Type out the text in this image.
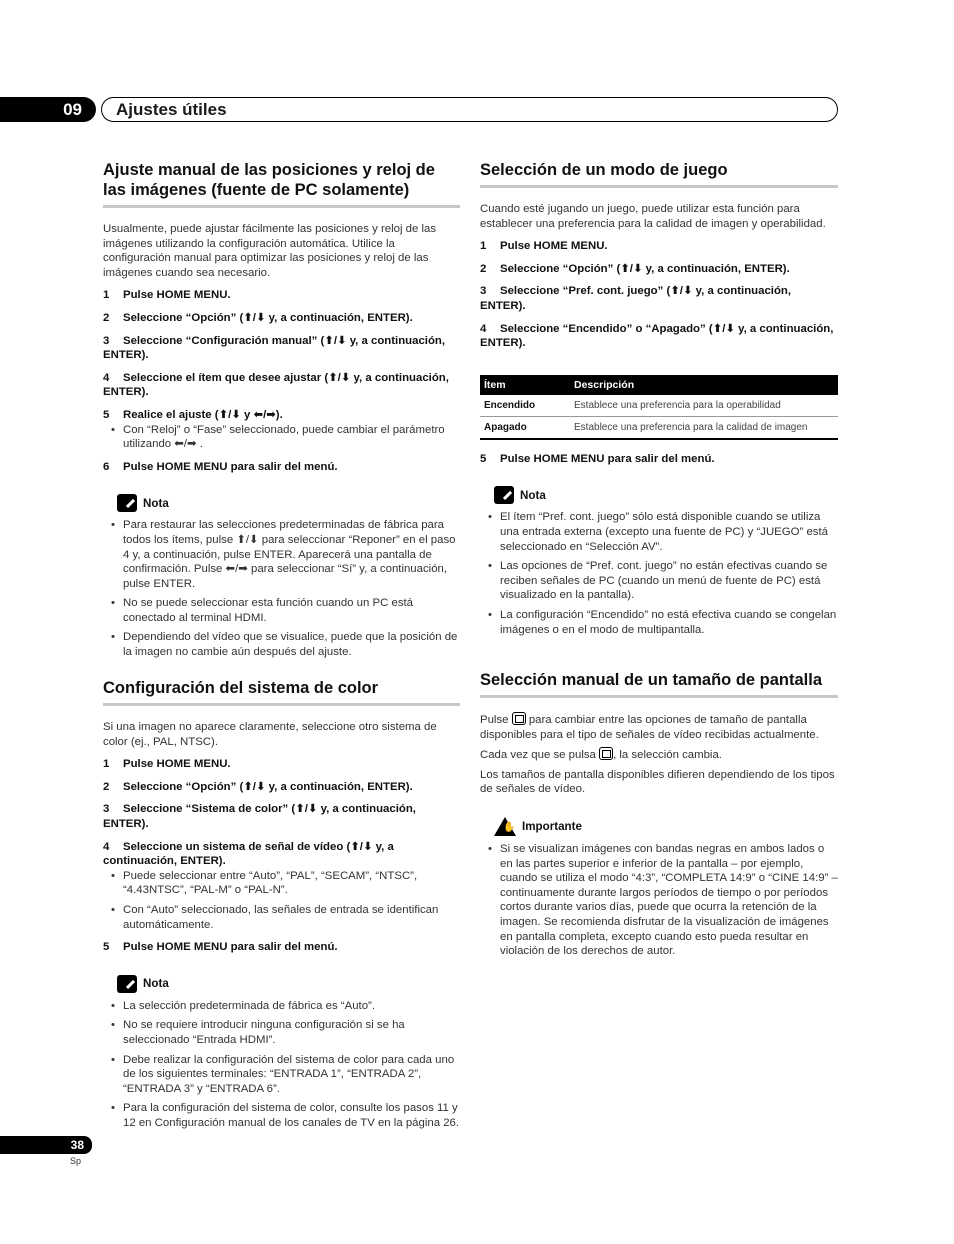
09 Ajustes útiles
Ajuste manual de las posiciones y reloj de las imágenes (fuente de PC solamente)

Usualmente, puede ajustar fácilmente las posiciones y reloj de las imágenes utilizando la configuración automática. Utilice la configuración manual para optimizar las posiciones y reloj de las imágenes cuando sea necesario.

1 Pulse HOME MENU.

2 Seleccione “Opción” (⬆/⬇ y, a continuación, ENTER).

3 Seleccione “Configuración manual” (⬆/⬇ y, a continuación, ENTER).

4 Seleccione el ítem que desee ajustar (⬆/⬇ y, a continuación, ENTER).

5 Realice el ajuste (⬆/⬇ y ⬅/➡).

• Con “Reloj” o “Fase” seleccionado, puede cambiar el parámetro utilizando ⬅/➡ .

6 Pulse HOME MENU para salir del menú.

Nota
• Para restaurar las selecciones predeterminadas de fábrica para todos los ítems, pulse ⬆/⬇ para seleccionar “Reponer” en el paso 4 y, a continuación, pulse ENTER. Aparecerá una pantalla de confirmación. Pulse ⬅/➡ para seleccionar “Sí” y, a continuación, pulse ENTER.
• No se puede seleccionar esta función cuando un PC está conectado al terminal HDMI.
• Dependiendo del vídeo que se visualice, puede que la posición de la imagen no cambie aún después del ajuste.
Configuración del sistema de color

Si una imagen no aparece claramente, seleccione otro sistema de color (ej., PAL, NTSC).

1 Pulse HOME MENU.

2 Seleccione “Opción” (⬆/⬇ y, a continuación, ENTER).

3 Seleccione “Sistema de color” (⬆/⬇ y, a continuación, ENTER).

4 Seleccione un sistema de señal de vídeo (⬆/⬇ y, a continuación, ENTER).

• Puede seleccionar entre “Auto”, “PAL”, “SECAM”, “NTSC”, “4.43NTSC”, “PAL-M” o “PAL-N”.
• Con “Auto” seleccionado, las señales de entrada se identifican automáticamente.

5 Pulse HOME MENU para salir del menú.

Nota
• La selección predeterminada de fábrica es “Auto”.
• No se requiere introducir ninguna configuración si se ha seleccionado “Entrada HDMI”.
• Debe realizar la configuración del sistema de color para cada uno de los siguientes terminales: “ENTRADA 1”, “ENTRADA 2”, “ENTRADA 3” y “ENTRADA 6”.
• Para la configuración del sistema de color, consulte los pasos 11 y 12 en Configuración manual de los canales de TV en la página 26.
Selección de un modo de juego

Cuando esté jugando un juego, puede utilizar esta función para establecer una preferencia para la calidad de imagen y operabilidad.

1 Pulse HOME MENU.

2 Seleccione “Opción” (⬆/⬇ y, a continuación, ENTER).

3 Seleccione “Pref. cont. juego” (⬆/⬇ y, a continuación, ENTER).

4 Seleccione “Encendido” o “Apagado” (⬆/⬇ y, a continuación, ENTER).

Ítem	Descripción
Encendido	Establece una preferencia para la operabilidad
Apagado	Establece una preferencia para la calidad de imagen

5 Pulse HOME MENU para salir del menú.

Nota
• El ítem “Pref. cont. juego” sólo está disponible cuando se utiliza una entrada externa (excepto una fuente de PC) y “JUEGO” está seleccionado en “Selección AV”.
• Las opciones de “Pref. cont. juego” no están efectivas cuando se reciben señales de PC (cuando un menú de fuente de PC) está visualizado en la pantalla).
• La configuración “Encendido” no está efectiva cuando se congelan imágenes o en el modo de multipantalla.
Selección manual de un tamaño de pantalla

Pulse para cambiar entre las opciones de tamaño de pantalla disponibles para el tipo de señales de vídeo recibidas actualmente.

Cada vez que se pulsa , la selección cambia.

Los tamaños de pantalla disponibles difieren dependiendo de los tipos de señales de vídeo.

✋ Importante
• Si se visualizan imágenes con bandas negras en ambos lados o en las partes superior e inferior de la pantalla – por ejemplo, cuando se utiliza el modo “4:3”, “COMPLETA 14:9” o “CINE 14:9” – continuamente durante largos períodos de tiempo o por períodos cortos durante varios días, puede que ocurra la retención de la imagen. Se recomienda disfrutar de la visualización de imágenes en pantalla completa, excepto cuando esto pueda resultar en violación de los derechos de autor.
38
Sp
